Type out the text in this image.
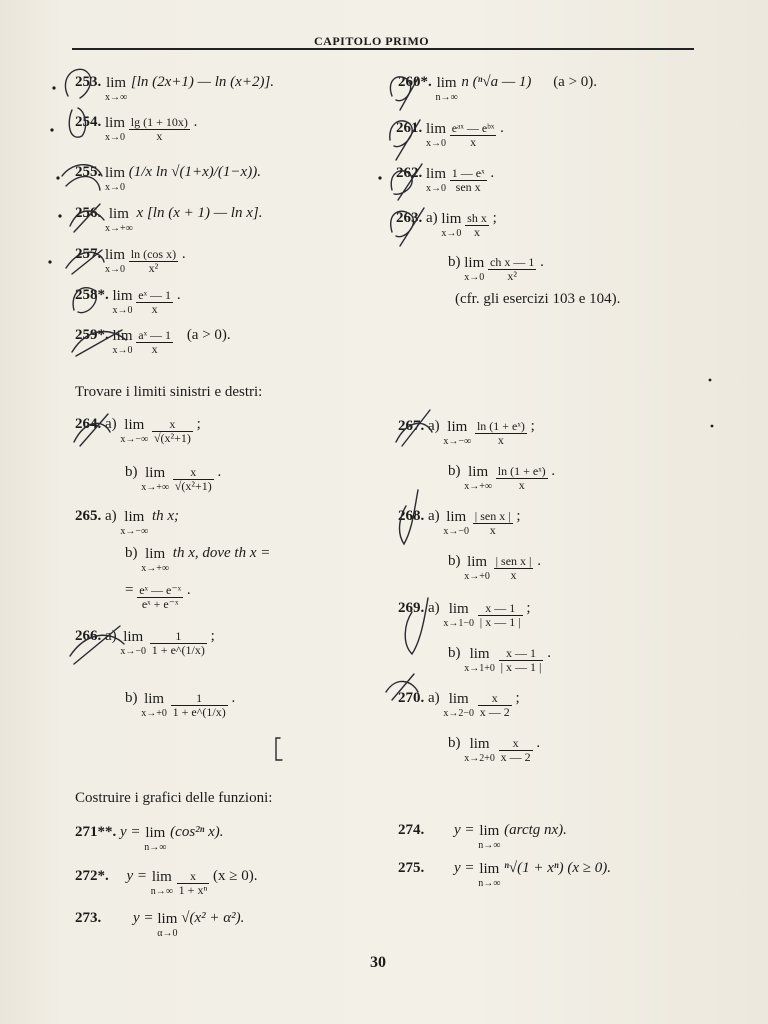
CAPITOLO PRIMO
253. lim
x→∞
[ln (2x+1) — ln (x+2)].
254. lim
x→0
$\frac{\lg (1 + 10x)}{x}$ .
255. lim
x→0
(1/x ln √(1+x)/(1−x)).
256. lim
x→+∞
x [ln (x + 1) — ln x].
257. lim
x→0
$\frac{\text{ln (cos x)}}{\text{x²}}$ .
258*. lim
x→0
$\frac{\text{eˣ — 1}}{x}$ .
259*. lim
x→0
$\frac{\text{aˣ — 1}}{x} (a > 0)$.
260*. lim
n→∞
n (ⁿ√a — 1) (a > 0).
261. lim
x→0
$\frac{\text{eᵃˣ — eᵇˣ}}{x}$ .
262. lim
x→0
$\frac{\text{1 — eˣ}}{\text{sen x}}$ .
263. a) lim
x→0
$\frac{\text{sh x}}{x}$ ;
b) lim
x→0
$\frac{\text{ch x — 1}}{\text{x²}}$ .
(cfr. gli esercizi 103 e 104).
Trovare i limiti sinistri e destri:
264. a) lim
x→−∞
$\frac{x}{\text{√(x²+1)}}$ ;
b) lim
x→+∞
$\frac{x}{\text{√(x²+1)}}$ .
265. a) lim
x→−∞
th x;
b) lim
x→+∞
th x, dove th x =
= $\frac{\text{eˣ — e⁻ˣ}}{\text{eˣ + e⁻ˣ}}$ .
266. a) lim
x→−0
$\frac{1}{1 + e\^{}(1/x)}$ ;
b) lim
x→+0
$\frac{1}{1 + e\^{}(1/x)}$ .
267. a) lim
x→−∞
$\frac{\text{ln (1 + eˣ)}}{x}$ ;
b) lim
x→+∞
$\frac{\text{ln (1 + eˣ)}}{x}$ .
268. a) lim
x→−0
$\frac{\text{| sen x |}}{x}$ ;
b) lim
x→+0
$\frac{\text{| sen x |}}{x}$ .
269. a) lim
x→1−0
$\frac{x — 1}{| x — 1 |}$ ;
b) lim
x→1+0
$\frac{x — 1}{| x — 1 |}$ .
270. a) lim
x→2−0
$\frac{x}{x — 2}$ ;
b) lim
x→2+0
$\frac{x}{x — 2}$ .
Costruire i grafici delle funzioni:
271**. y = lim
n→∞
(cos²ⁿ x).
272*. y = lim
n→∞
$\frac{x}{\text{1 + xⁿ}} (x \ge 0)$.
273. y = lim
α→0
√(x² + α²).
274. y = lim
n→∞
(arctg nx).
275. y = lim
n→∞
ⁿ√(1 + xⁿ) (x ≥ 0).
30
